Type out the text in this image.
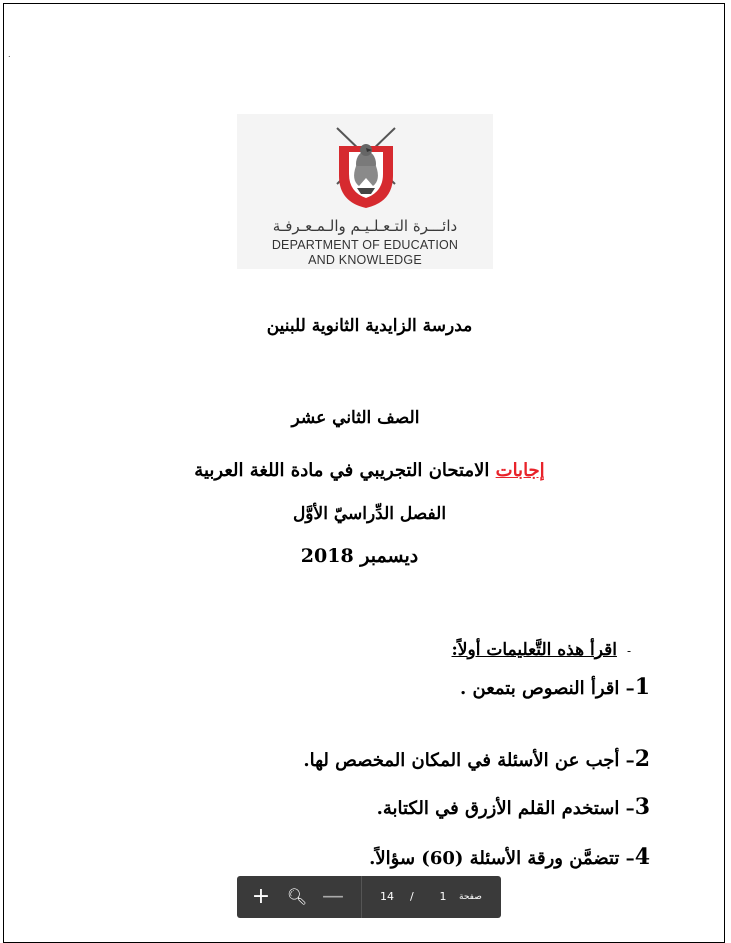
.
دائـــرة التـعـلـيـم والـمـعـرفـة
DEPARTMENT OF EDUCATION
AND KNOWLEDGE
مدرسة الزايدية الثانوية للبنين
الصف الثاني عشر
إجابات الامتحان التجريبي في مادة اللغة العربية
الفصل الدِّراسيّ الأوَّل
ديسمبر 2018
-اقرأ هذه التَّعليمات أولاً:
1– اقرأ النصوص بتمعن .
2– أجب عن الأسئلة في المكان المخصص لها.
3– استخدم القلم الأزرق في الكتابة.
4– تتضمَّن ورقة الأسئلة (60) سؤالاً.
+ 🔍︎ —	14 /	1	صفحة
